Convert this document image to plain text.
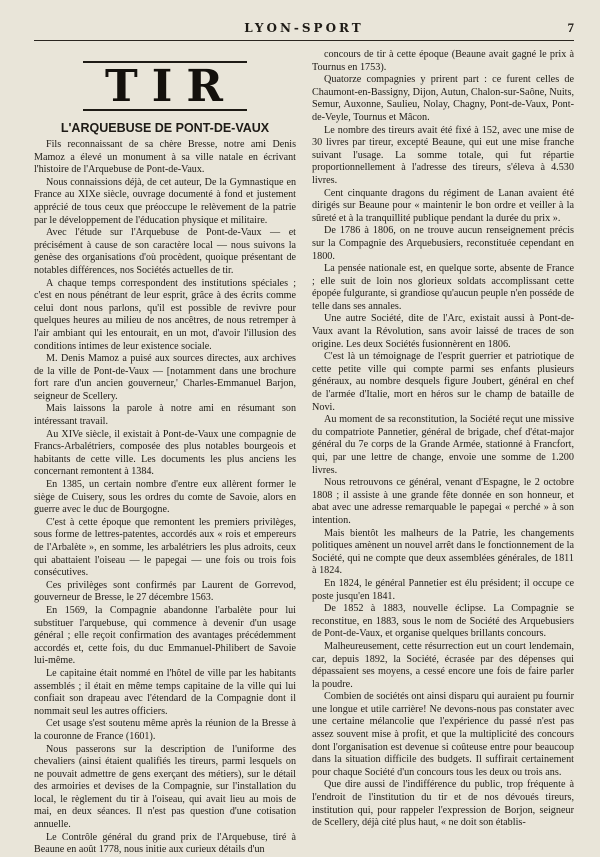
LYON-SPORT	7
TIR
L'ARQUEBUSE DE PONT-DE-VAUX

Fils reconnaissant de sa chère Bresse, notre ami Denis Mamoz a élevé un monument à sa ville natale en écrivant l'histoire de l'Arquebuse de Pont-de-Vaux.

Nous connaissions déjà, de cet auteur, De la Gymnastique en France au XIXe siècle, ouvrage documenté à fond et justement apprécié de tous ceux que préoccupe le relèvement de la patrie par le développement de l'éducation physique et militaire.

Avec l'étude sur l'Arquebuse de Pont-de-Vaux — et précisément à cause de son caractère local — nous suivons la genèse des organisations d'où procèdent, quoique présentant de notables différences, nos Sociétés actuelles de tir.

A chaque temps correspondent des institutions spéciales ; c'est en nous pénétrant de leur esprit, grâce à des écrits comme celui dont nous parlons, qu'il est possible de revivre pour quelques heures au milieu de nos ancêtres, de nous retremper à l'air ambiant qui les entourait, en un mot, d'avoir l'illusion des conditions intimes de leur existence sociale.

M. Denis Mamoz a puisé aux sources directes, aux archives de la ville de Pont-de-Vaux — [notamment dans une brochure fort rare d'un ancien gouverneur,' Charles-Emmanuel Barjon, seigneur de Scellery.

Mais laissons la parole à notre ami en résumant son intéressant travail.

Au XIVe siècle, il existait à Pont-de-Vaux une compagnie de Francs-Arbalétriers, composée des plus notables bourgeois et habitants de cette ville. Les documents les plus anciens les concernant remontent à 1384.

En 1385, un certain nombre d'entre eux allèrent former le siège de Cuisery, sous les ordres du comte de Savoie, alors en guerre avec le duc de Bourgogne.

C'est à cette époque que remontent les premiers privilèges, sous forme de lettres-patentes, accordés aux « rois et empereurs de l'Arbalète », en somme, les arbalétriers les plus adroits, ceux qui abattaient l'oiseau — le papegai — une fois ou trois fois consécutives.

Ces privilèges sont confirmés par Laurent de Gorrevod, gouverneur de Bresse, le 27 décembre 1563.

En 1569, la Compagnie abandonne l'arbalète pour lui substituer l'arquebuse, qui commence à devenir d'un usage général ; elle reçoit confirmation des avantages précédemment accordés et, cette fois, du duc Emmanuel-Philibert de Savoie lui-même.

Le capitaine était nommé en l'hôtel de ville par les habitants assemblés ; il était en même temps capitaine de la ville qui lui confiait son drapeau avec l'étendard de la Compagnie dont il nommait seul les autres officiers.

Cet usage s'est soutenu même après la réunion de la Bresse à la couronne de France (1601).

Nous passerons sur la description de l'uniforme des chevaliers (ainsi étaient qualifiés les tireurs, parmi lesquels on ne pouvait admettre de gens exerçant des métiers), sur le détail des armoiries et devises de la Compagnie, sur l'installation du local, le règlement du tir à l'oiseau, qui avait lieu au mois de mai, en deux séances. Il n'est pas question d'une cotisation annuelle.

Le Contrôle général du grand prix de l'Arquebuse, tiré à Beaune en août 1778, nous initie aux curieux détails d'un

concours de tir à cette époque (Beaune avait gagné le prix à Tournus en 1753).

Quatorze compagnies y prirent part : ce furent celles de Chaumont-en-Bassigny, Dijon, Autun, Chalon-sur-Saône, Nuits, Semur, Auxonne, Saulieu, Nolay, Chagny, Pont-de-Vaux, Pont-de-Veyle, Tournus et Mâcon.

Le nombre des tireurs avait été fixé à 152, avec une mise de 30 livres par tireur, excepté Beaune, qui eut une mise franche suivant l'usage. La somme totale, qui fut répartie proportionnellement à l'adresse des tireurs, s'éleva à 4.530 livres.

Cent cinquante dragons du régiment de Lanan avaient été dirigés sur Beaune pour « maintenir le bon ordre et veiller à la sûreté et à la tranquillité publique pendant la durée du prix ».

De 1786 à 1806, on ne trouve aucun renseignement précis sur la Compagnie des Arquebusiers, reconstituée cependant en 1800.

La pensée nationale est, en quelque sorte, absente de France ; elle suit de loin nos glorieux soldats accomplissant cette épopée fulgurante, si grandiose qu'aucun peuple n'en posséde de telle dans ses annales.

Une autre Société, dite de l'Arc, existait aussi à Pont-de-Vaux avant la Révolution, sans avoir laissé de traces de son origine. Les deux Sociétés fusionnèrent en 1806.

C'est là un témoignage de l'esprit guerrier et patriotique de cette petite ville qui compte parmi ses enfants plusieurs généraux, au nombre desquels figure Joubert, général en chef de l'armée d'Italie, mort en héros sur le champ de bataille de Novi.

Au moment de sa reconstitution, la Société reçut une missive du compatriote Pannetier, général de brigade, chef d'état-major général du 7e corps de la Grande Armée, stationné à Francfort, qui, par une lettre de change, envoie une somme de 1.200 livres.

Nous retrouvons ce général, venant d'Espagne, le 2 octobre 1808 ; il assiste à une grande fête donnée en son honneur, et abat avec une adresse remarquable le papegai « perché » à son intention.

Mais bientôt les malheurs de la Patrie, les changements politiques amènent un nouvel arrêt dans le fonctionnement de la Société, qui ne compte que deux assemblées générales, de 1811 à 1824.

En 1824, le général Pannetier est élu président; il occupe ce poste jusqu'en 1841.

De 1852 à 1883, nouvelle éclipse. La Compagnie se reconstitue, en 1883, sous le nom de Société des Arquebusiers de Pont-de-Vaux, et organise quelques brillants concours.

Malheureusement, cette résurrection eut un court lendemain, car, depuis 1892, la Société, écrasée par des dépenses qui dépassaient ses moyens, a cessé encore une fois de faire parler la poudre.

Combien de sociétés ont ainsi disparu qui auraient pu fournir une longue et utile carrière! Ne devons-nous pas constater avec une certaine mélancolie que l'expérience du passé n'est pas assez souvent mise à profit, et que la multiplicité des concours dont l'organisation est devenue si coûteuse entre pour beaucoup dans la situation difficile des budgets. Il suffirait certainement pour chaque Société d'un concours tous les deux ou trois ans.

Que dire aussi de l'indifférence du public, trop fréquente à l'endroit de l'institution du tir et de nos dévoués tireurs, institution qui, pour rappeler l'expression de Borjon, seigneur de Scellery, déjà cité plus haut, « ne doit son établis-
